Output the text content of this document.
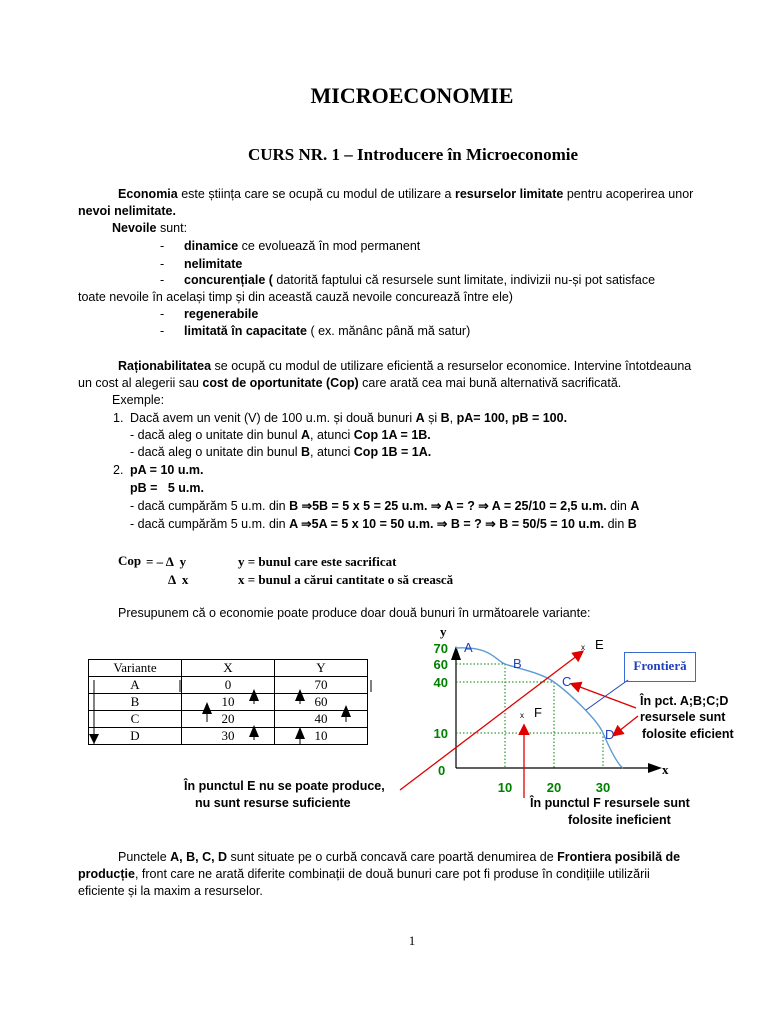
MICROECONOMIE
CURS NR. 1 – Introducere în Microeconomie
Economia este știința care se ocupă cu modul de utilizare a resurselor limitate pentru acoperirea unor
nevoi nelimitate.
Nevoile sunt:
- dinamice ce evoluează în mod permanent
- nelimitate
- concurențiale ( datorită faptului că resursele sunt limitate, indivizii nu-și pot satisface
toate nevoile în același timp și din această cauză nevoile concurează între ele)
- regenerabile
- limitată în capacitate ( ex. mănânc până mă satur)
Raționabilitatea se ocupă cu modul de utilizare eficientă a resurselor economice. Intervine întotdeauna
un cost al alegerii sau cost de oportunitate (Cop) care arată cea mai bună alternativă sacrificată.
Exemple:
1. Dacă avem un venit (V) de 100 u.m. și două bunuri A și B, pA= 100, pB = 100.
- dacă aleg o unitate din bunul A, atunci Cop 1A = 1B.
- dacă aleg o unitate din bunul B, atunci Cop 1B = 1A.
2. pA = 10 u.m.
pB =   5 u.m.
- dacă cumpărăm 5 u.m. din B ⇒5B = 5 x 5 = 25 u.m. ⇒ A = ? ⇒ A = 25/10 = 2,5 u.m. din A
- dacă cumpărăm 5 u.m. din A ⇒5A = 5 x 10 = 50 u.m. ⇒ B = ? ⇒ B = 50/5 = 10 u.m. din B
Cop = – Δ  y
Δ  x
y = bunul care este sacrificat
x = bunul a cărui cantitate o să crească
Presupunem că o economie poate produce doar două bunuri în următoarele variante:
Variante	X	Y
A	0	70
B	10	60
C	20	40
D	30	10
A
B
C
D
x E
x F
70
60
40
10
0
10	20	30
y
x
Frontieră
În pct. A;B;C;D
resursele sunt
folosite eficient
În punctul E nu se poate produce,
nu sunt resurse suficiente	În punctul F resursele sunt
folosite ineficient
Punctele A, B, C, D sunt situate pe o curbă concavă care poartă denumirea de Frontiera posibilă de
producție, front care ne arată diferite combinații de două bunuri care pot fi produse în condițiile utilizării
eficiente și la maxim a resurselor.
1
